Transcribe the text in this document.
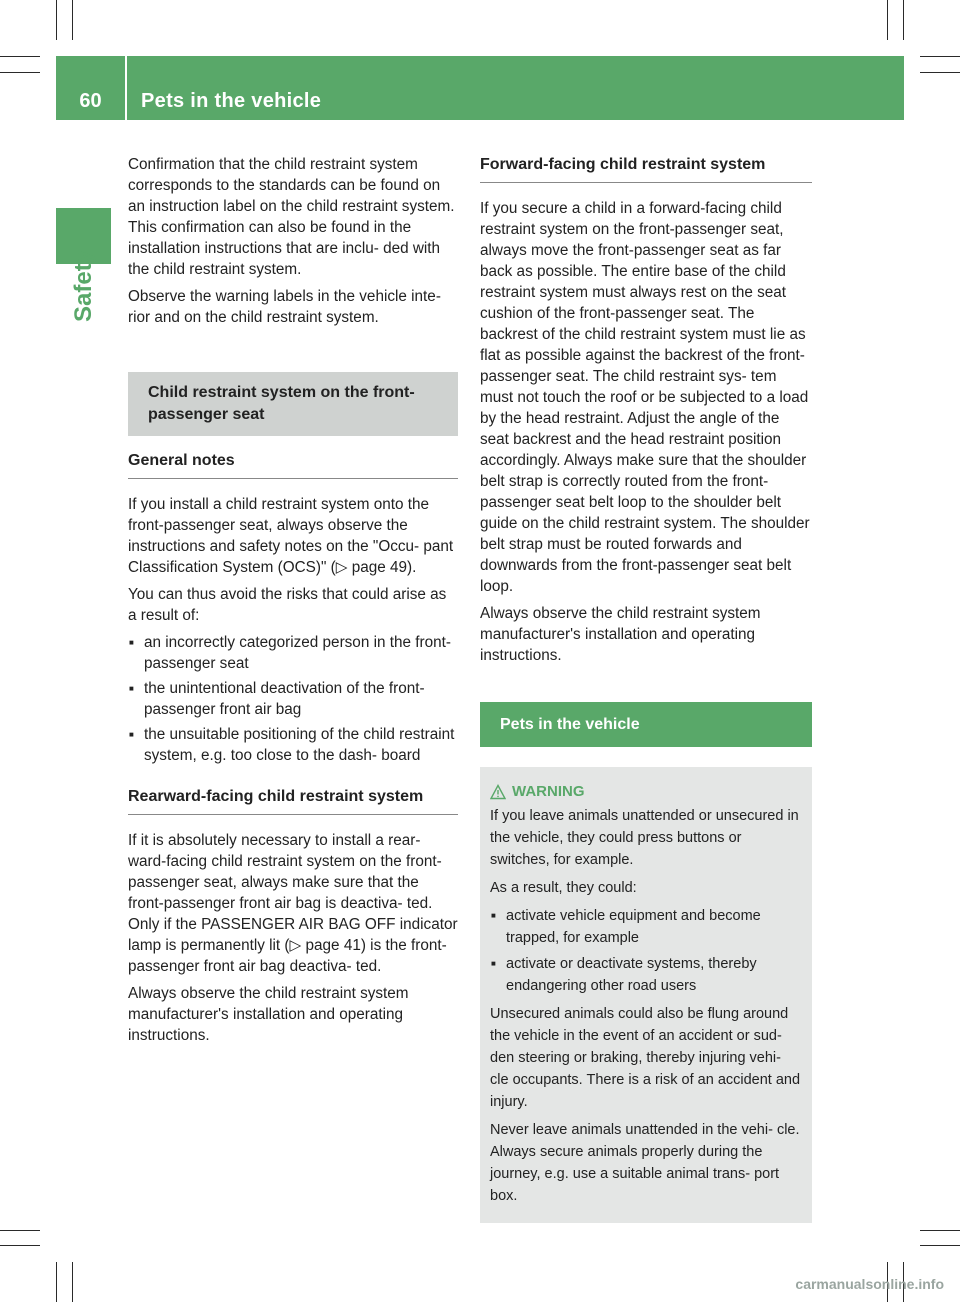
60	Pets in the vehicle
Safety

Confirmation that the child restraint system corresponds to the standards can be found on an instruction label on the child restraint system. This confirmation can also be found in the installation instructions that are inclu- ded with the child restraint system.

Observe the warning labels in the vehicle inte- rior and on the child restraint system.

Child restraint system on the front- passenger seat
General notes

If you install a child restraint system onto the front-passenger seat, always observe the instructions and safety notes on the "Occu- pant Classification System (OCS)" (▷ page 49).

You can thus avoid the risks that could arise as a result of:

■ an incorrectly categorized person in the front-passenger seat
■ the unintentional deactivation of the front- passenger front air bag
■ the unsuitable positioning of the child restraint system, e.g. too close to the dash- board
Rearward-facing child restraint system

If it is absolutely necessary to install a rear- ward-facing child restraint system on the front-passenger seat, always make sure that the front-passenger front air bag is deactiva- ted. Only if the PASSENGER AIR BAG OFF indicator lamp is permanently lit (▷ page 41) is the front-passenger front air bag deactiva- ted.

Always observe the child restraint system manufacturer's installation and operating instructions.

Forward-facing child restraint system

If you secure a child in a forward-facing child restraint system on the front-passenger seat, always move the front-passenger seat as far back as possible. The entire base of the child restraint system must always rest on the seat cushion of the front-passenger seat. The backrest of the child restraint system must lie as flat as possible against the backrest of the front-passenger seat. The child restraint sys- tem must not touch the roof or be subjected to a load by the head restraint. Adjust the angle of the seat backrest and the head restraint position accordingly. Always make sure that the shoulder belt strap is correctly routed from the front-passenger seat belt loop to the shoulder belt guide on the child restraint system. The shoulder belt strap must be routed forwards and downwards from the front-passenger seat belt loop.

Always observe the child restraint system manufacturer's installation and operating instructions.

Pets in the vehicle
WARNING

If you leave animals unattended or unsecured in the vehicle, they could press buttons or switches, for example.

As a result, they could:

■ activate vehicle equipment and become trapped, for example
■ activate or deactivate systems, thereby endangering other road users

Unsecured animals could also be flung around the vehicle in the event of an accident or sud- den steering or braking, thereby injuring vehi- cle occupants. There is a risk of an accident and injury.

Never leave animals unattended in the vehi- cle. Always secure animals properly during the journey, e.g. use a suitable animal trans- port box.

carmanualsonline.info
